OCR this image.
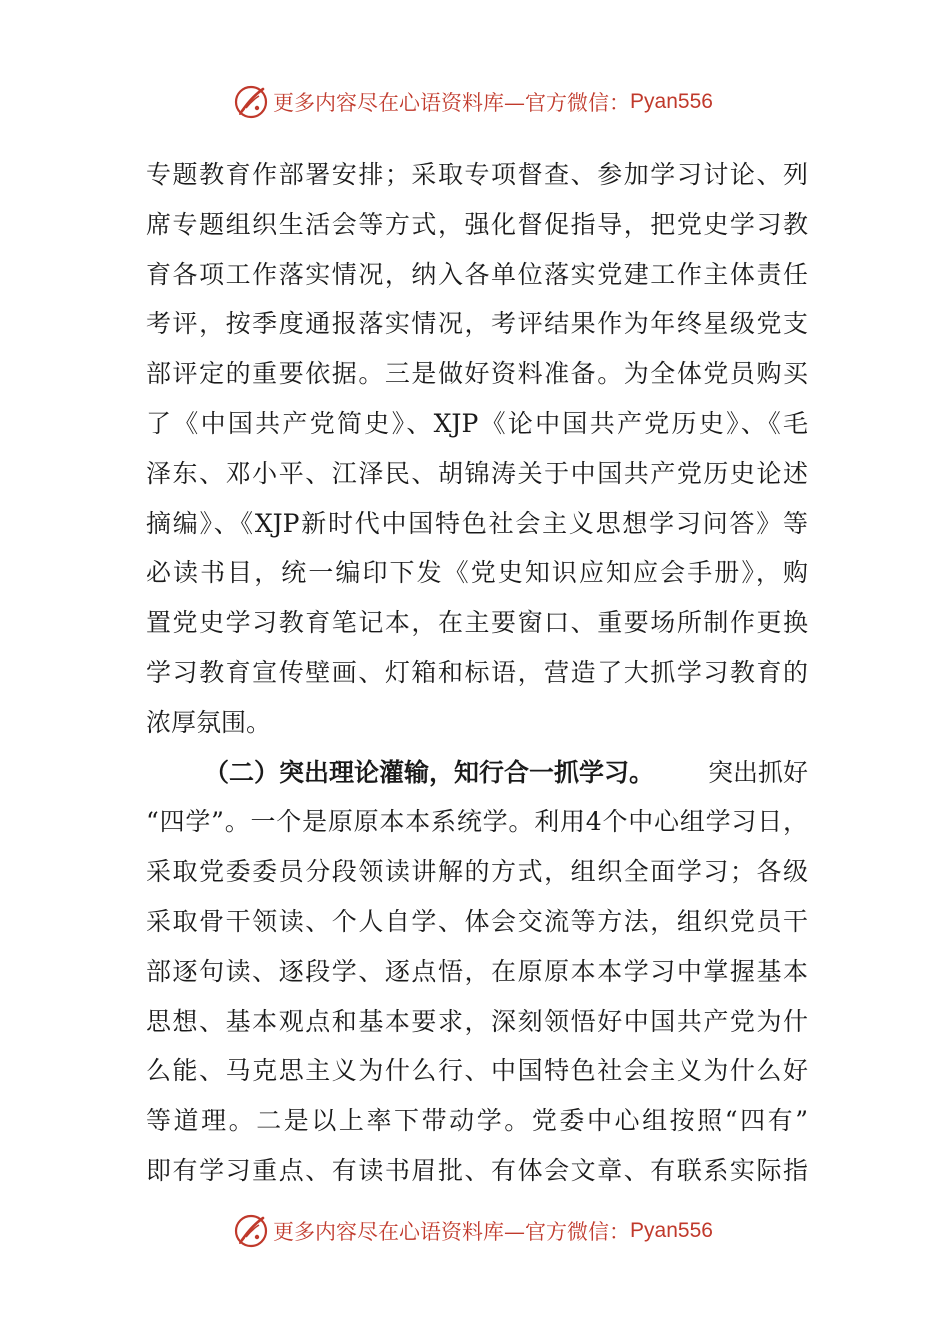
更多内容尽在心语资料库—官方微信： Pyan556
专题教育作部署安排；采取专项督查、参加学习讨论、列
席专题组织生活会等方式，强化督促指导，把党史学习教
育各项工作落实情况，纳入各单位落实党建工作主体责任
考评，按季度通报落实情况，考评结果作为年终星级党支
部评定的重要依据。三是做好资料准备。为全体党员购买
了《中国共产党简史》、XJP《论中国共产党历史》、《毛
泽东、邓小平、江泽民、胡锦涛关于中国共产党历史论述
摘编》、《XJP新时代中国特色社会主义思想学习问答》等
必读书目，统一编印下发《党史知识应知应会手册》，购
置党史学习教育笔记本，在主要窗口、重要场所制作更换
学习教育宣传壁画、灯箱和标语，营造了大抓学习教育的
浓厚氛围。
（二）突出理论灌输，知行合一抓学习。 突出抓好
“四学”。一个是原原本本系统学。利用4个中心组学习日，
采取党委委员分段领读讲解的方式，组织全面学习；各级
采取骨干领读、个人自学、体会交流等方法，组织党员干
部逐句读、逐段学、逐点悟，在原原本本学习中掌握基本
思想、基本观点和基本要求，深刻领悟好中国共产党为什
么能、马克思主义为什么行、中国特色社会主义为什么好
等道理。二是以上率下带动学。党委中心组按照“四有”
即有学习重点、有读书眉批、有体会文章、有联系实际指
更多内容尽在心语资料库—官方微信： Pyan556
